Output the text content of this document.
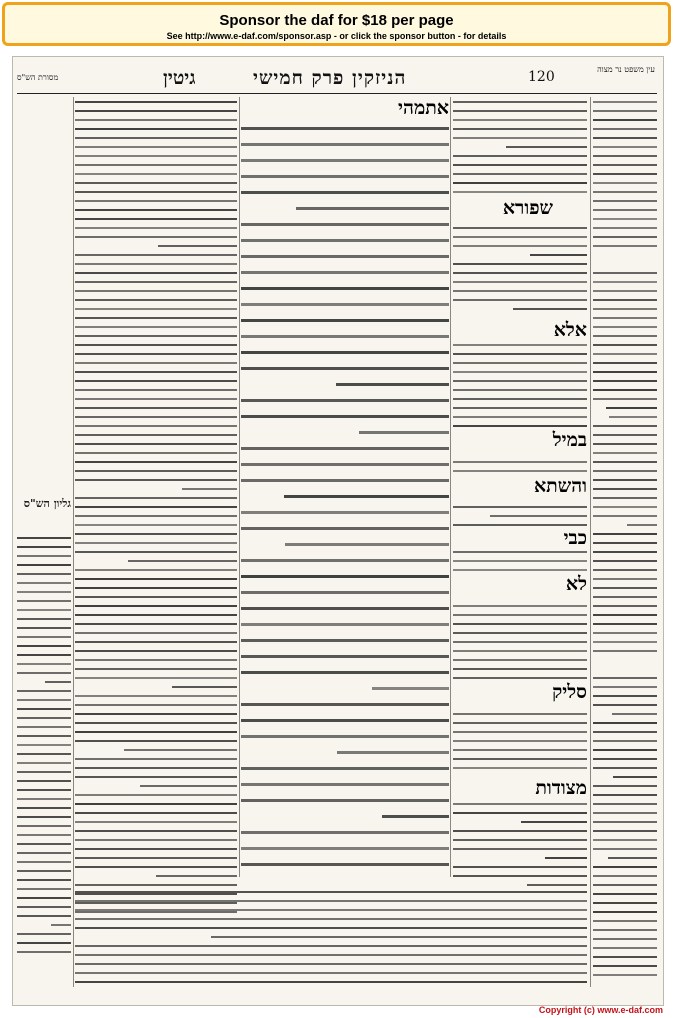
Sponsor the daf for $18 per page
See http://www.e-daf.com/sponsor.asp - or click the sponsor button - for details
עין משפט נר מצוה
120
הניזקין פרק חמישי
גיטין
מסורת הש"ס
שפורא
אלא
במיל
והשתא
כבי
לא
סליק
מצודות
אתמהי
גליון הש"ס
Copyright (c) www.e-daf.com
